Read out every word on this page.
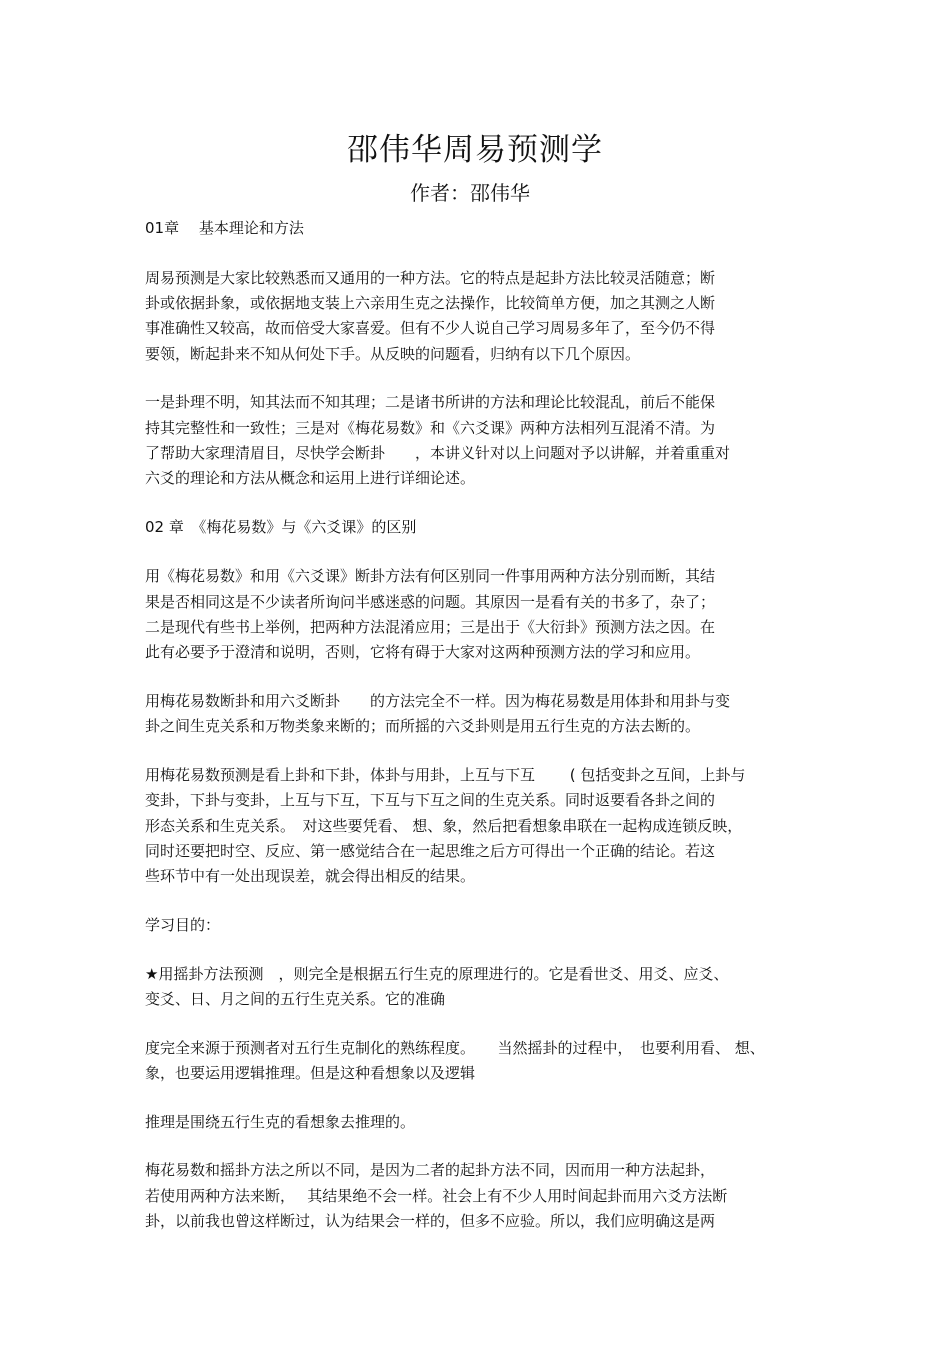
邵伟华周易预测学
作者：邵伟华
01章　 基本理论和方法
周易预测是大家比较熟悉而又通用的一种方法。它的特点是起卦方法比较灵活随意；断
卦或依据卦象，或依据地支装上六亲用生克之法操作，比较简单方便，加之其测之人断
事准确性又较高，故而倍受大家喜爱。但有不少人说自己学习周易多年了，至今仍不得
要领，断起卦来不知从何处下手。从反映的问题看，归纳有以下几个原因。
一是卦理不明，知其法而不知其理；二是诸书所讲的方法和理论比较混乱，前后不能保
持其完整性和一致性；三是对《梅花易数》和《六爻课》两种方法相列互混淆不清。为
了帮助大家理清眉目，尽快学会断卦　　，本讲义针对以上问题对予以讲解，并着重重对
六爻的理论和方法从概念和运用上进行详细论述。
02 章　《梅花易数》与《六爻课》的区别
用《梅花易数》和用《六爻课》断卦方法有何区别同一件事用两种方法分别而断，其结
果是否相同这是不少读者所询问半感迷惑的问题。其原因一是看有关的书多了，杂了；
二是现代有些书上举例，把两种方法混淆应用；三是出于《大衍卦》预测方法之因。在
此有必要予于澄清和说明，否则，它将有碍于大家对这两种预测方法的学习和应用。
用梅花易数断卦和用六爻断卦　　的方法完全不一样。因为梅花易数是用体卦和用卦与变
卦之间生克关系和万物类象来断的；而所摇的六爻卦则是用五行生克的方法去断的。
用梅花易数预测是看上卦和下卦，体卦与用卦，上互与下互　　 ( 包括变卦之互间，上卦与
变卦，下卦与变卦，上互与下互，下互与下互之间的生克关系。同时返要看各卦之间的
形态关系和生克关系。　对这些要凭看、 想、象，然后把看想象串联在一起构成连锁反映，
同时还要把时空、反应、第一感觉结合在一起思维之后方可得出一个正确的结论。若这
些环节中有一处出现误差，就会得出相反的结果。
学习目的：
★用摇卦方法预测　，则完全是根据五行生克的原理进行的。它是看世爻、用爻、应爻、
变爻、日、月之间的五行生克关系。它的准确
度完全来源于预测者对五行生克制化的熟练程度。　　当然摇卦的过程中，　也要利用看、 想、
象，也要运用逻辑推理。但是这种看想象以及逻辑
推理是围绕五行生克的看想象去推理的。
梅花易数和摇卦方法之所以不同，是因为二者的起卦方法不同，因而用一种方法起卦，
若使用两种方法来断，　 其结果绝不会一样。社会上有不少人用时间起卦而用六爻方法断
卦，以前我也曾这样断过，认为结果会一样的，但多不应验。所以，我们应明确这是两
